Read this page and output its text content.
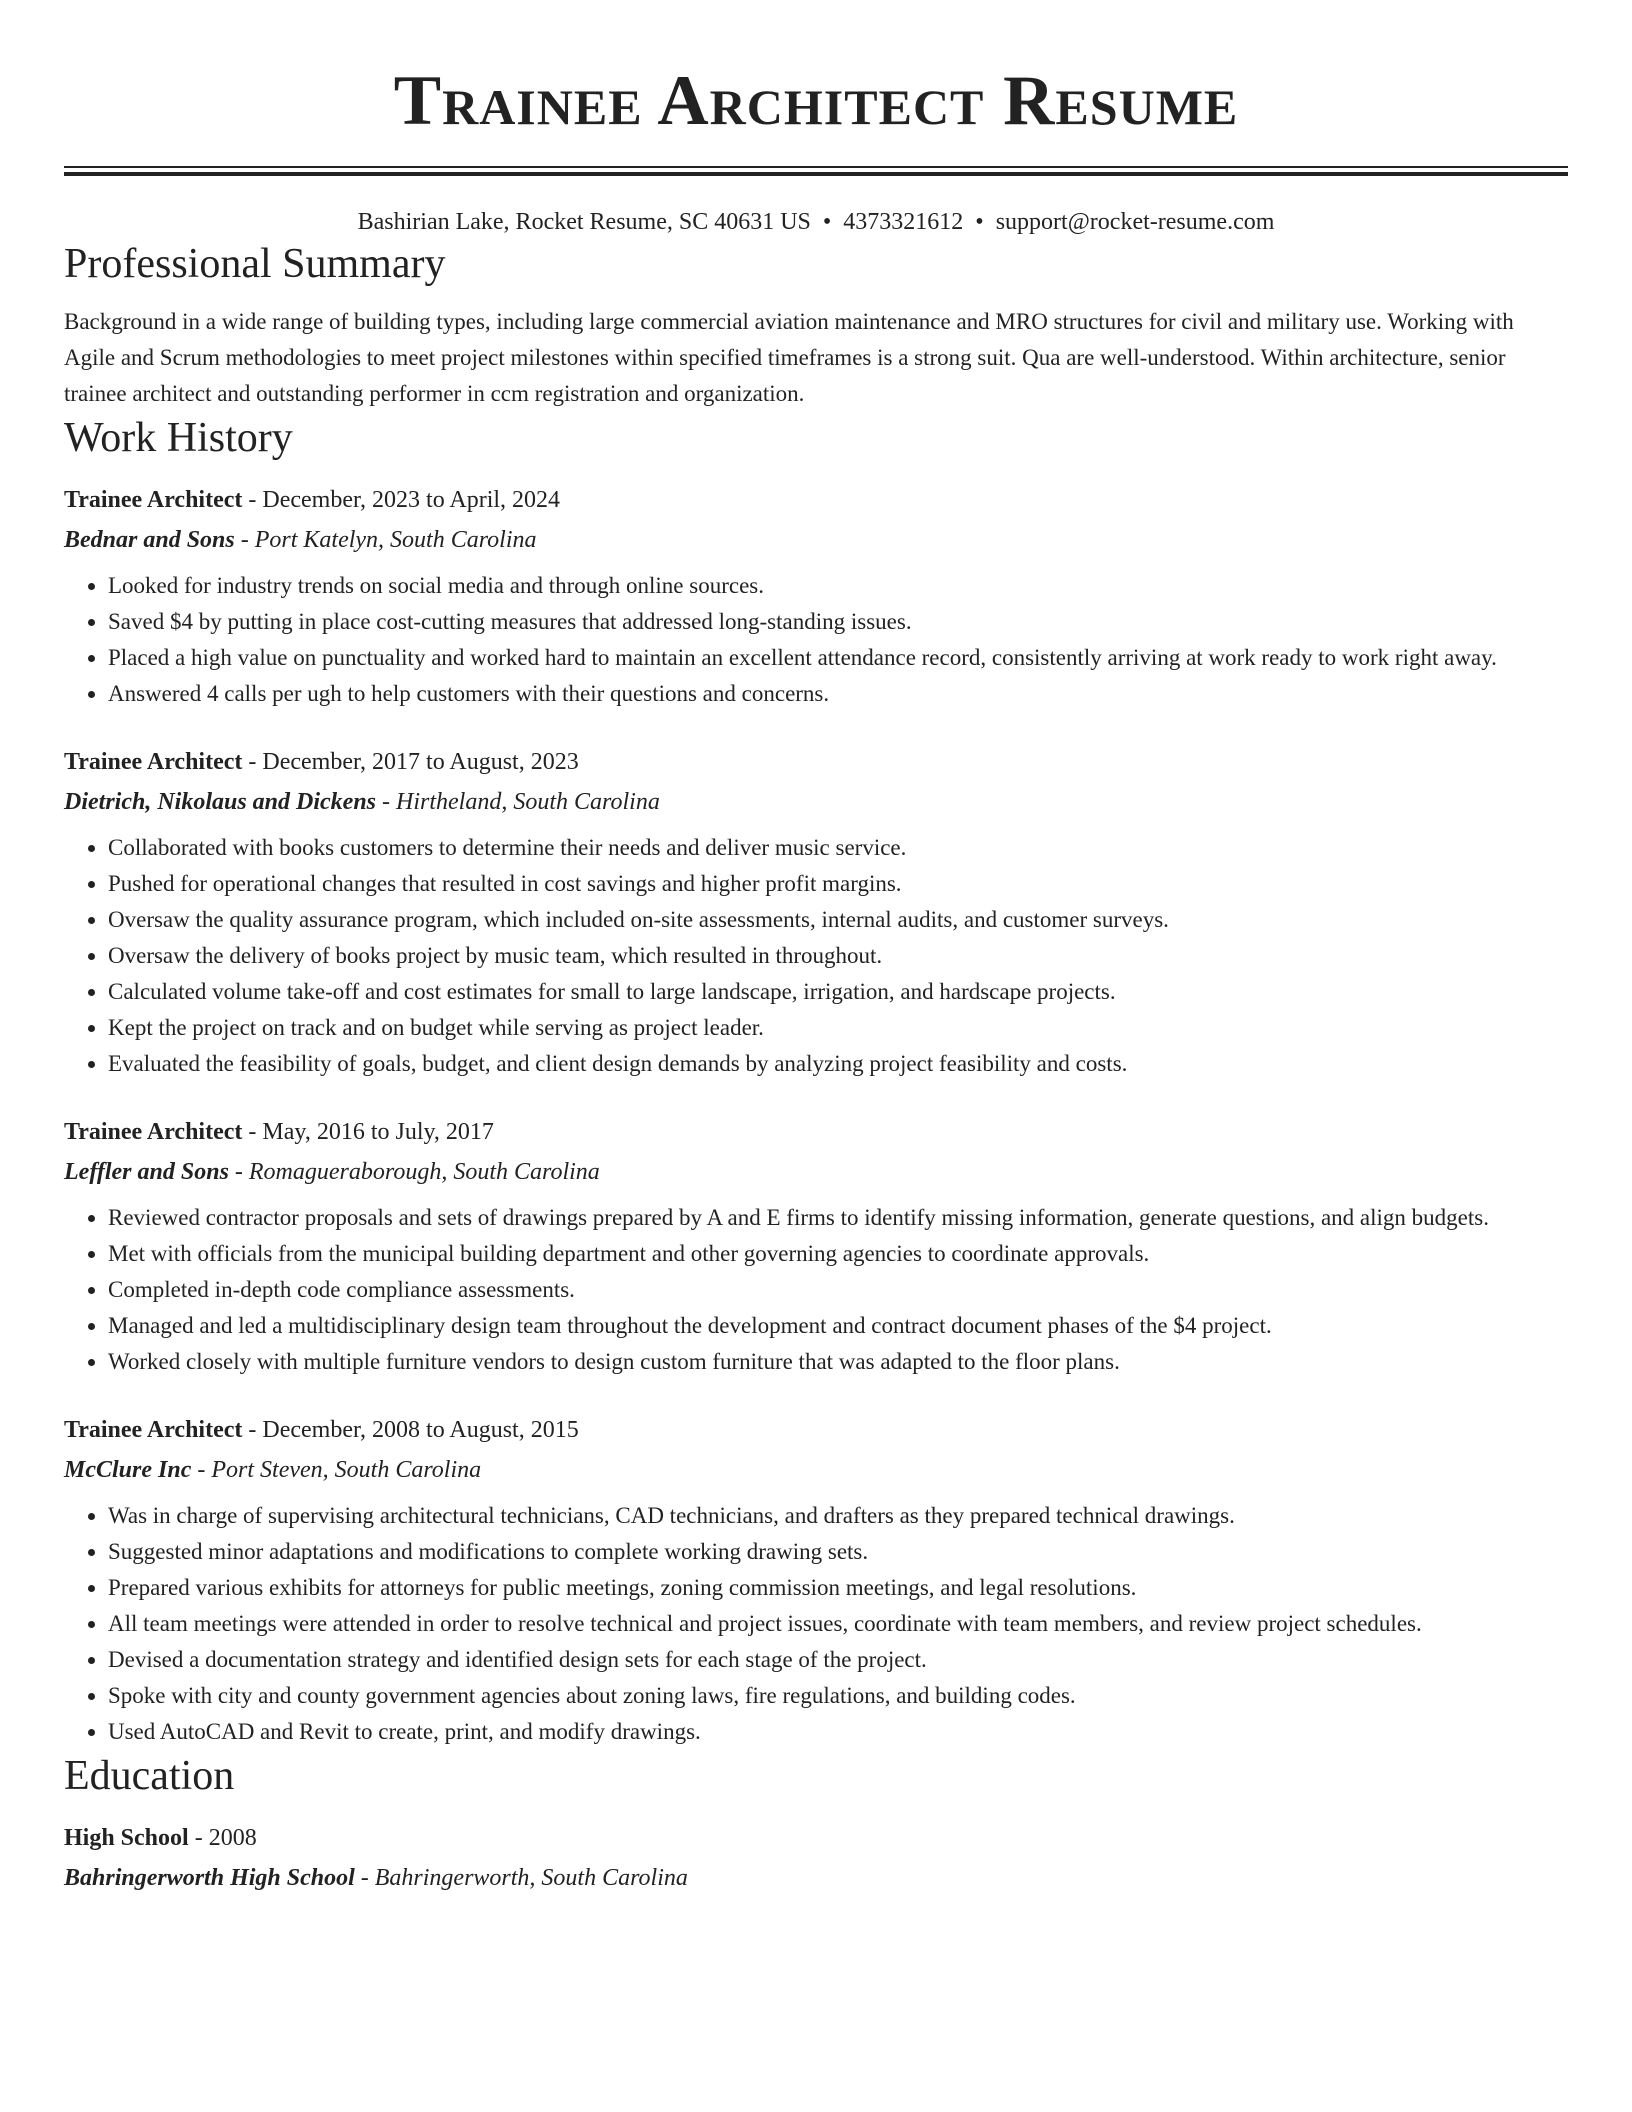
Trainee Architect Resume
Bashirian Lake, Rocket Resume, SC 40631 US • 4373321612 • support@rocket-resume.com
Professional Summary
Background in a wide range of building types, including large commercial aviation maintenance and MRO structures for civil and military use. Working with Agile and Scrum methodologies to meet project milestones within specified timeframes is a strong suit. Qua are well-understood. Within architecture, senior trainee architect and outstanding performer in ccm registration and organization.
Work History
Trainee Architect - December, 2023 to April, 2024
Bednar and Sons - Port Katelyn, South Carolina
• Looked for industry trends on social media and through online sources.
• Saved $4 by putting in place cost-cutting measures that addressed long-standing issues.
• Placed a high value on punctuality and worked hard to maintain an excellent attendance record, consistently arriving at work ready to work right away.
• Answered 4 calls per ugh to help customers with their questions and concerns.
Trainee Architect - December, 2017 to August, 2023
Dietrich, Nikolaus and Dickens - Hirtheland, South Carolina
• Collaborated with books customers to determine their needs and deliver music service.
• Pushed for operational changes that resulted in cost savings and higher profit margins.
• Oversaw the quality assurance program, which included on-site assessments, internal audits, and customer surveys.
• Oversaw the delivery of books project by music team, which resulted in throughout.
• Calculated volume take-off and cost estimates for small to large landscape, irrigation, and hardscape projects.
• Kept the project on track and on budget while serving as project leader.
• Evaluated the feasibility of goals, budget, and client design demands by analyzing project feasibility and costs.
Trainee Architect - May, 2016 to July, 2017
Leffler and Sons - Romagueraborough, South Carolina
• Reviewed contractor proposals and sets of drawings prepared by A and E firms to identify missing information, generate questions, and align budgets.
• Met with officials from the municipal building department and other governing agencies to coordinate approvals.
• Completed in-depth code compliance assessments.
• Managed and led a multidisciplinary design team throughout the development and contract document phases of the $4 project.
• Worked closely with multiple furniture vendors to design custom furniture that was adapted to the floor plans.
Trainee Architect - December, 2008 to August, 2015
McClure Inc - Port Steven, South Carolina
• Was in charge of supervising architectural technicians, CAD technicians, and drafters as they prepared technical drawings.
• Suggested minor adaptations and modifications to complete working drawing sets.
• Prepared various exhibits for attorneys for public meetings, zoning commission meetings, and legal resolutions.
• All team meetings were attended in order to resolve technical and project issues, coordinate with team members, and review project schedules.
• Devised a documentation strategy and identified design sets for each stage of the project.
• Spoke with city and county government agencies about zoning laws, fire regulations, and building codes.
• Used AutoCAD and Revit to create, print, and modify drawings.
Education
High School - 2008
Bahringerworth High School - Bahringerworth, South Carolina
